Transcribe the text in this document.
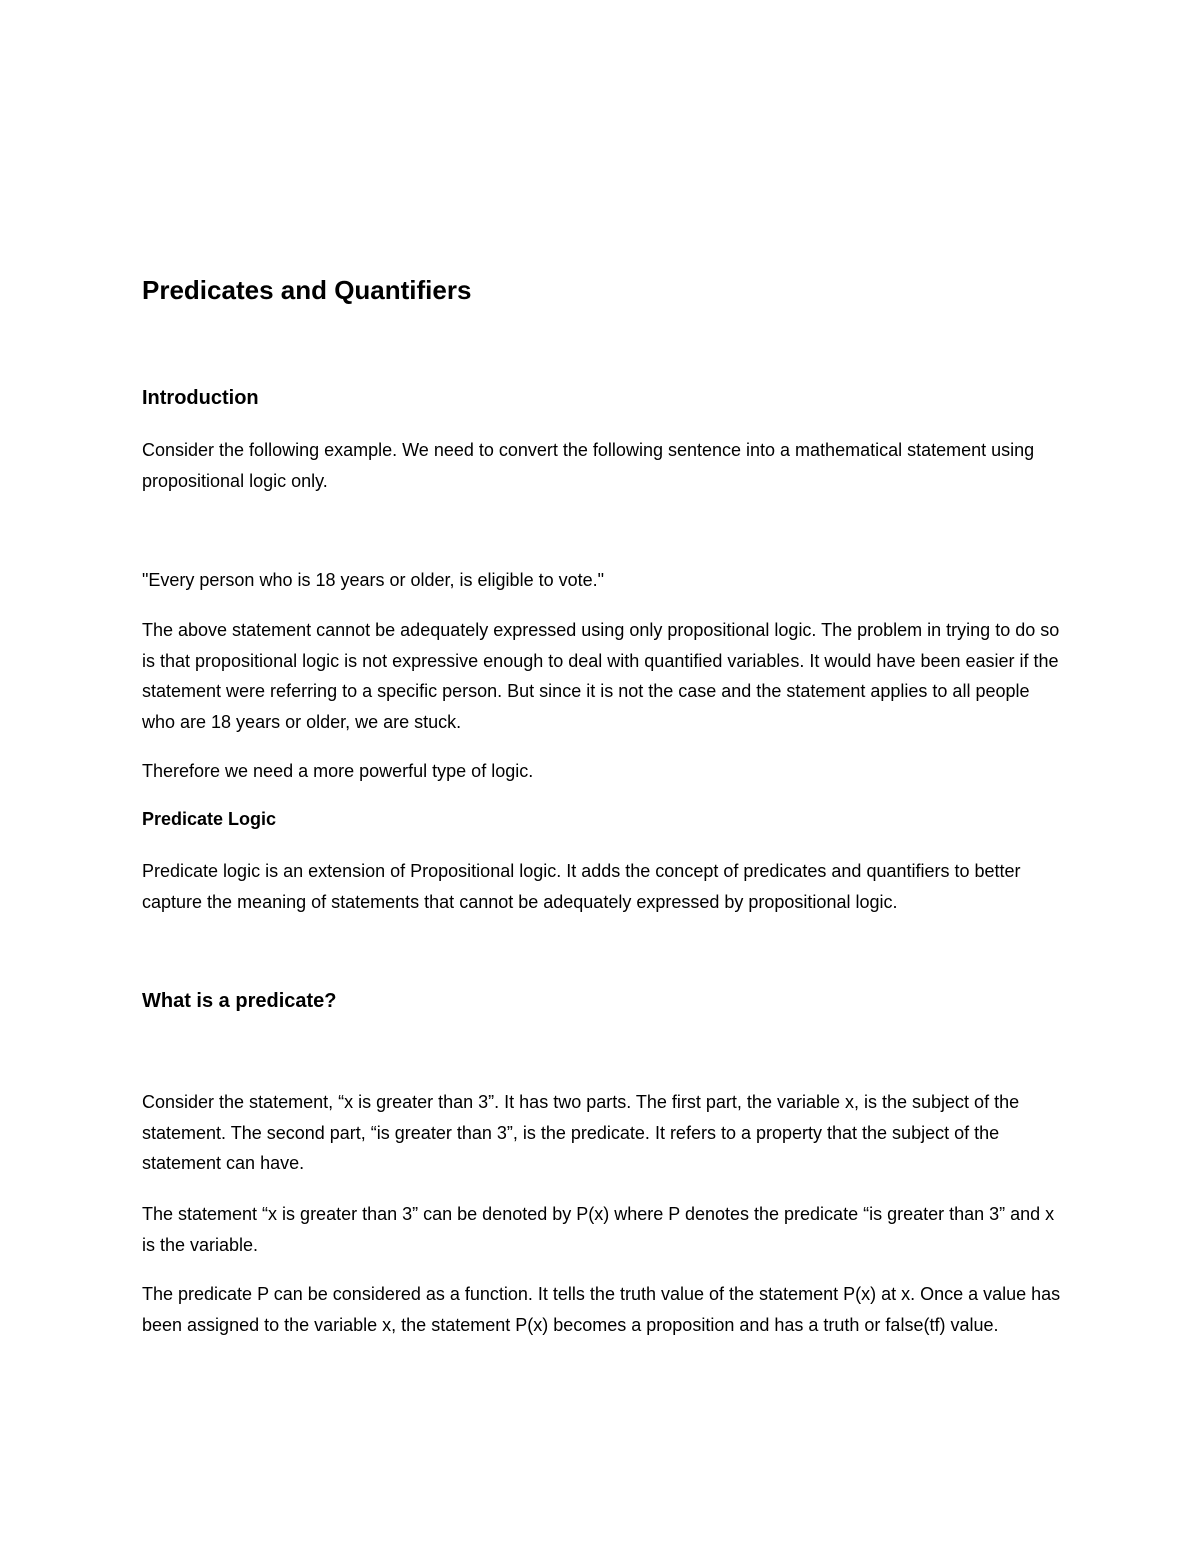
Predicates and Quantifiers
Introduction

Consider the following example. We need to convert the following sentence into a mathematical statement using propositional logic only.

"Every person who is 18 years or older, is eligible to vote."

The above statement cannot be adequately expressed using only propositional logic. The problem in trying to do so is that propositional logic is not expressive enough to deal with quantified variables. It would have been easier if the statement were referring to a specific person. But since it is not the case and the statement applies to all people who are 18 years or older, we are stuck.

Therefore we need a more powerful type of logic.

Predicate Logic

Predicate logic is an extension of Propositional logic. It adds the concept of predicates and quantifiers to better capture the meaning of statements that cannot be adequately expressed by propositional logic.

What is a predicate?

Consider the statement, “x is greater than 3”. It has two parts. The first part, the variable x, is the subject of the statement. The second part, “is greater than 3”, is the predicate. It refers to a property that the subject of the statement can have.

The statement “x is greater than 3” can be denoted by P(x) where P denotes the predicate “is greater than 3” and x is the variable.

The predicate P can be considered as a function. It tells the truth value of the statement P(x) at x. Once a value has been assigned to the variable x, the statement P(x) becomes a proposition and has a truth or false(tf) value.
